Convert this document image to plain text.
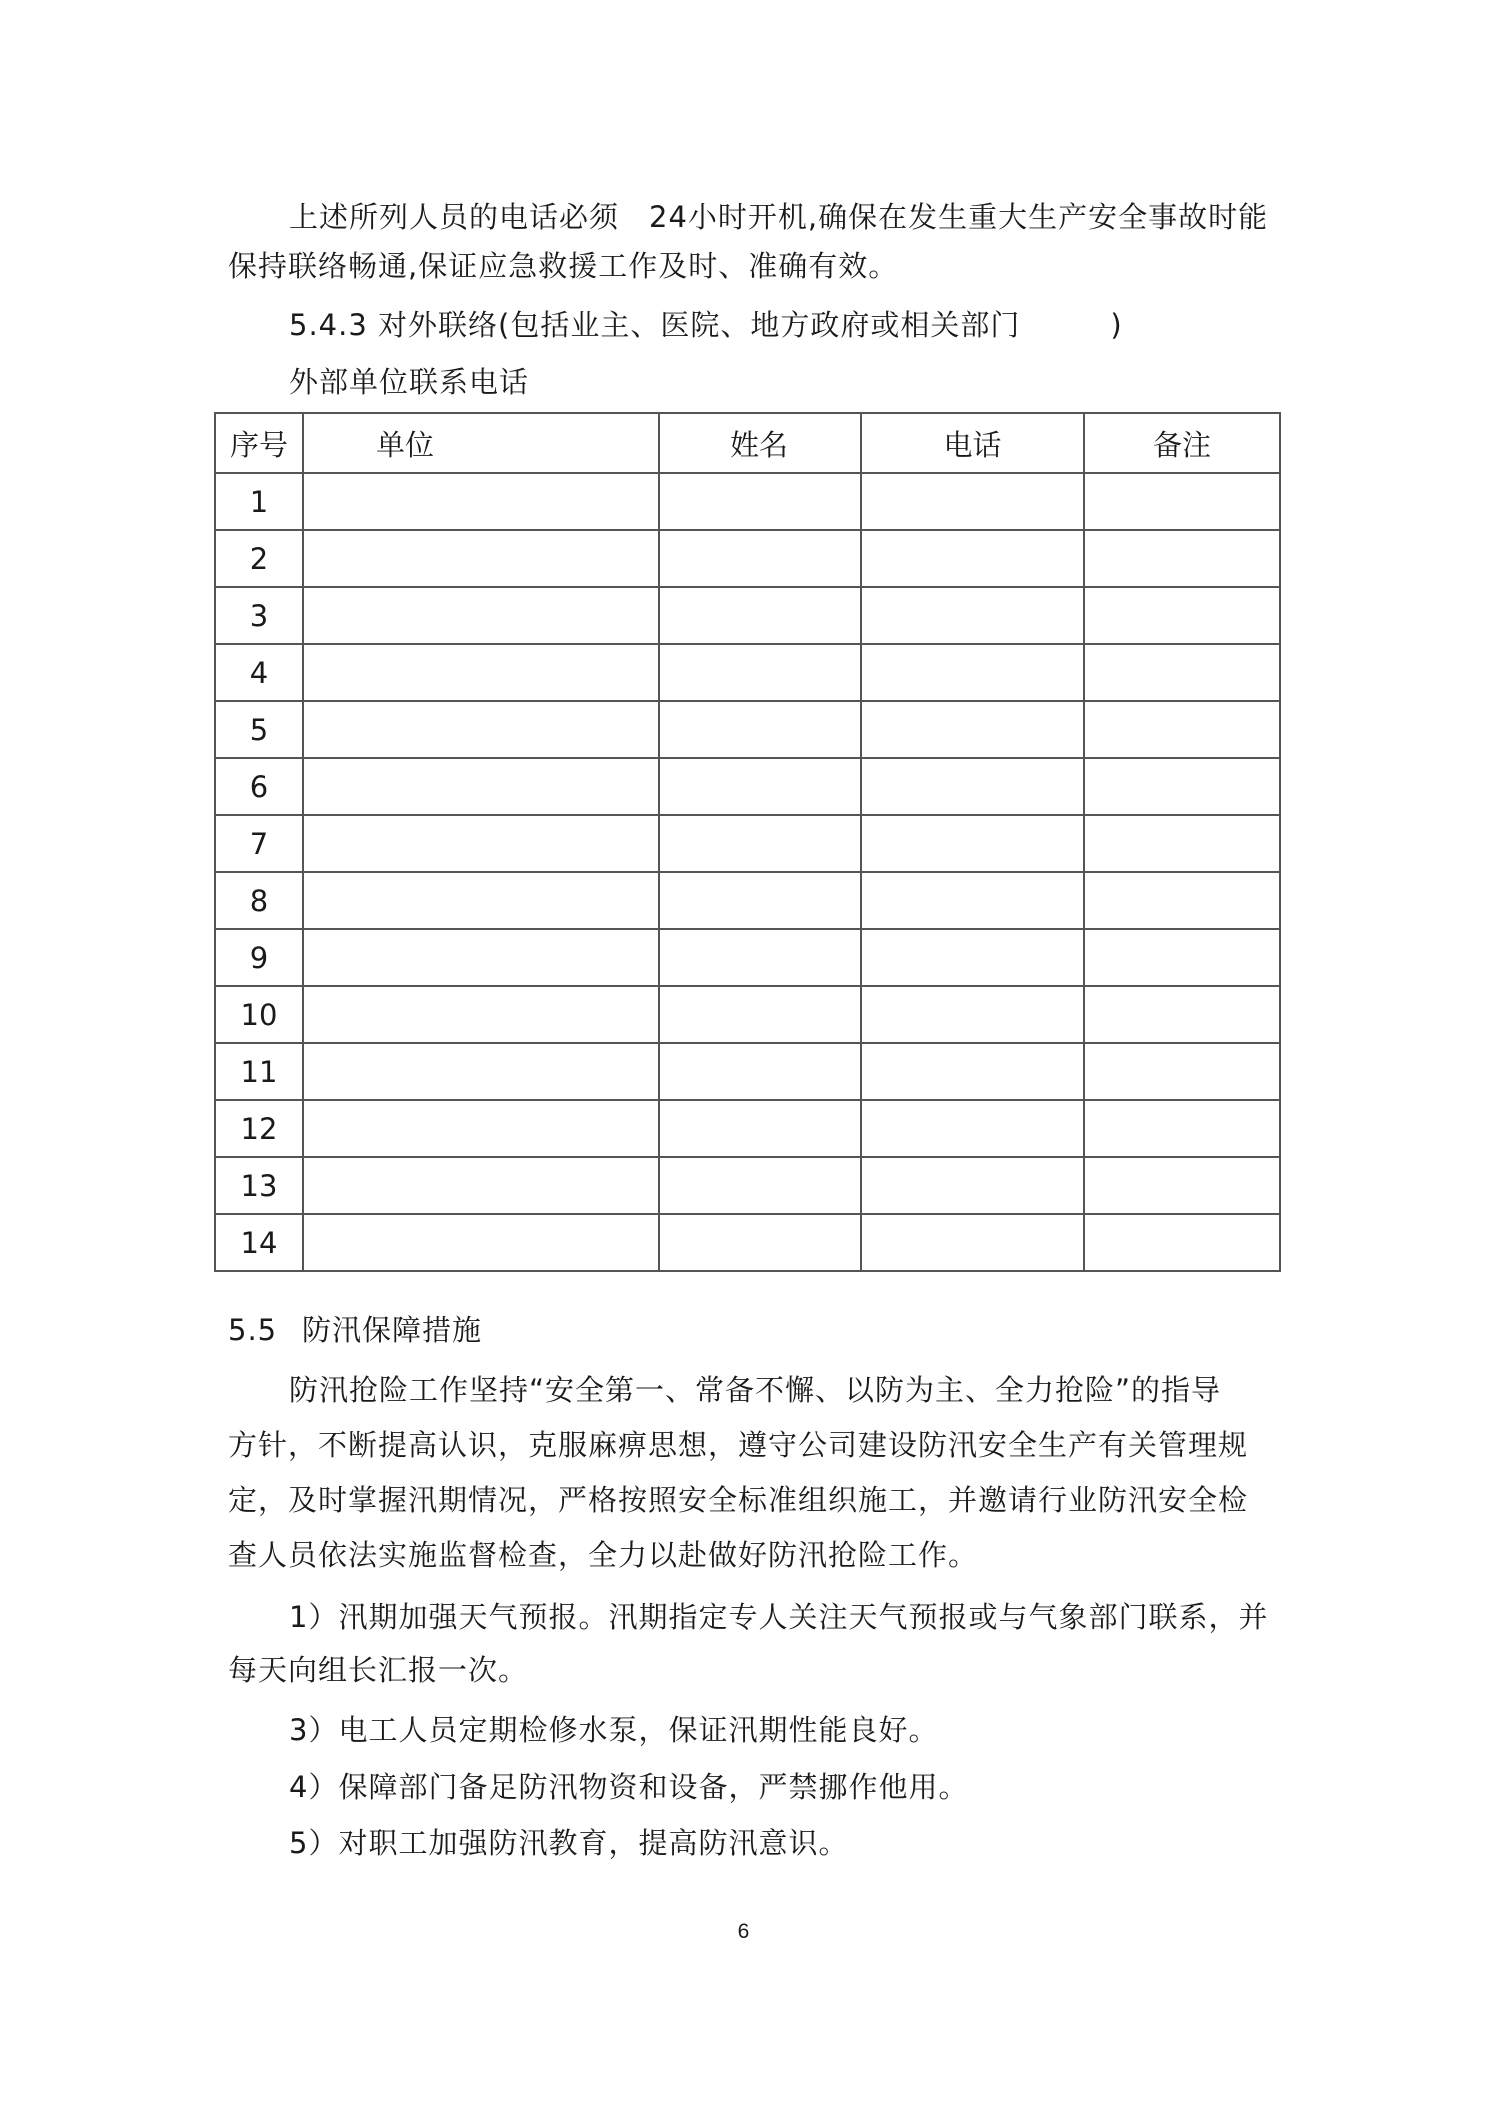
上述所列人员的电话必须　24小时开机,确保在发生重大生产安全事故时能
保持联络畅通,保证应急救援工作及时、准确有效。
5.4.3 对外联络(包括业主、医院、地方政府或相关部门　　　)
外部单位联系电话
序号	单位	姓名	电话	备注
1				
2				
3				
4				
5				
6				
7				
8				
9				
10				
11				
12				
13				
14				
5.5 防汛保障措施
防汛抢险工作坚持“安全第一、常备不懈、以防为主、全力抢险”的指导
方针，不断提高认识，克服麻痹思想，遵守公司建设防汛安全生产有关管理规
定，及时掌握汛期情况，严格按照安全标准组织施工，并邀请行业防汛安全检
查人员依法实施监督检查，全力以赴做好防汛抢险工作。
1）汛期加强天气预报。汛期指定专人关注天气预报或与气象部门联系，并
每天向组长汇报一次。
3）电工人员定期检修水泵，保证汛期性能良好。
4）保障部门备足防汛物资和设备，严禁挪作他用。
5）对职工加强防汛教育，提高防汛意识。
6
